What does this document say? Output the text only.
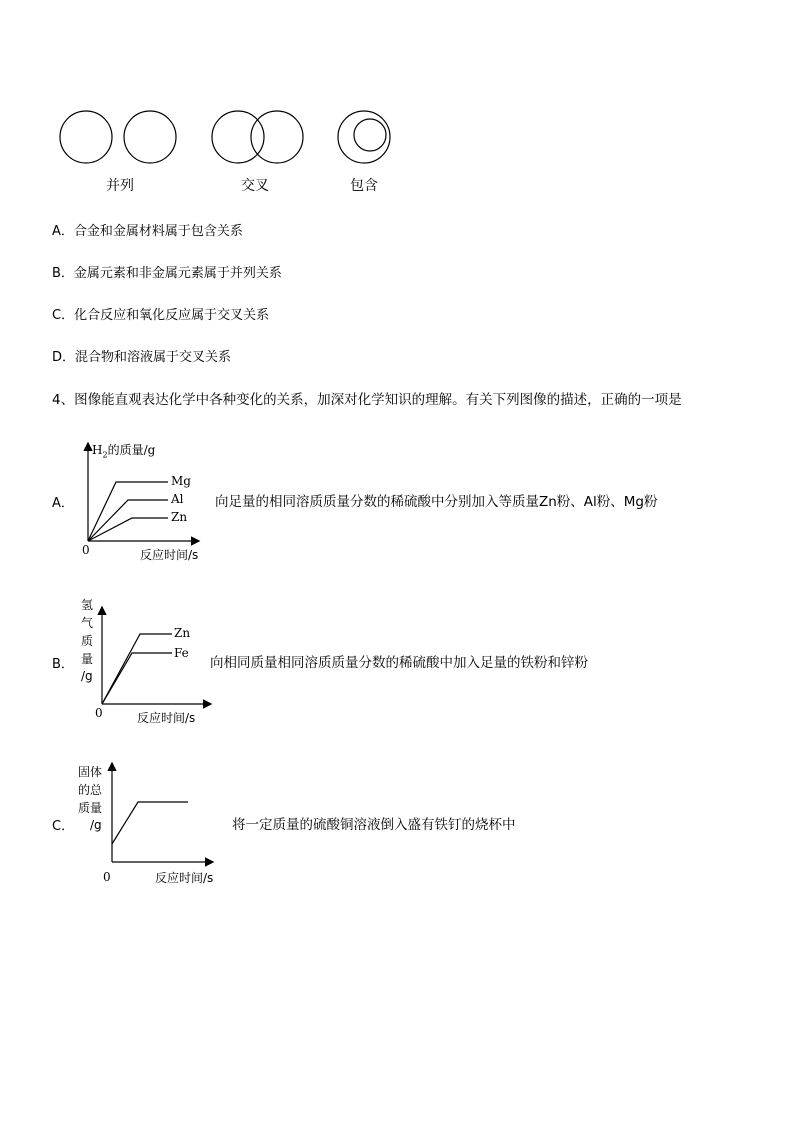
并列	交叉	包含
A．合金和金属材料属于包含关系
B．金属元素和非金属元素属于并列关系
C．化合反应和氧化反应属于交叉关系
D．混合物和溶液属于交叉关系
4、图像能直观表达化学中各种变化的关系，加深对化学知识的理解。有关下列图像的描述，正确的一项是
A．
$H_2$的质量/g
Mg
Al
Zn
0	反应时间/s
向足量的相同溶质质量分数的稀硫酸中分别加入等质量Zn粉、Al粉、Mg粉
B．
氢
气
质
量
/g
Zn
Fe
0	反应时间/s
向相同质量相同溶质质量分数的稀硫酸中加入足量的铁粉和锌粉
C．
固体
的总
质量
/g
0	反应时间/s
将一定质量的硫酸铜溶液倒入盛有铁钉的烧杯中
